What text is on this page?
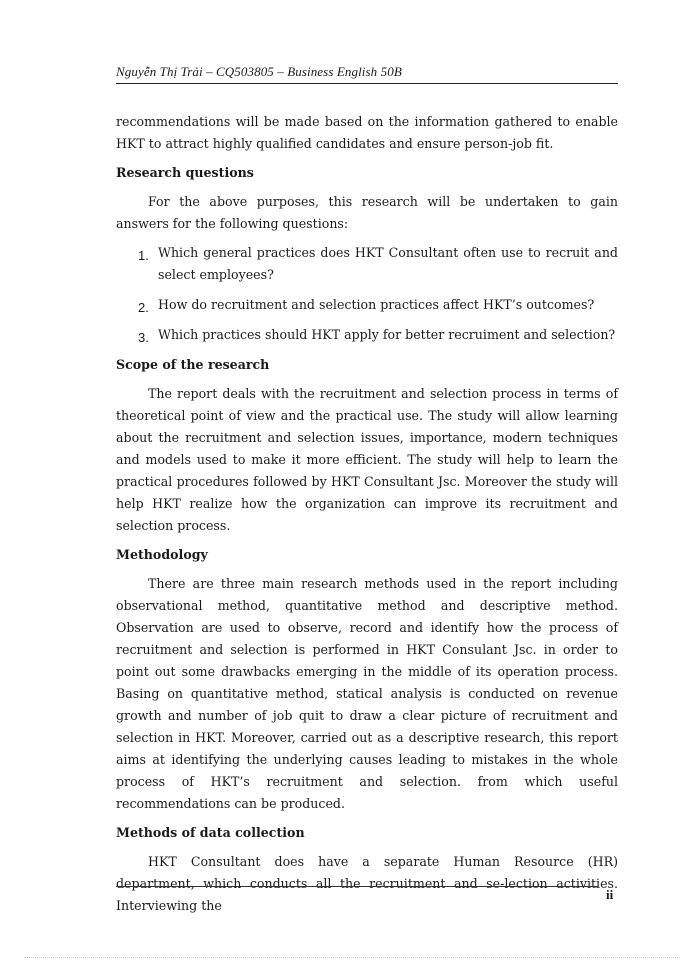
Nguyễn Thị Trải – CQ503805 – Business English 50B

recommendations will be made based on the information gathered to enable HKT to attract highly qualified candidates and ensure person-job fit.

Research questions

For the above purposes, this research will be undertaken to gain answers for the following questions:

1. Which general practices does HKT Consultant often use to recruit and select employees?
2. How do recruitment and selection practices affect HKT’s outcomes?
3. Which practices should HKT apply for better recruiment and selection?
Scope of the research

The report deals with the recruitment and selection process in terms of theoretical point of view and the practical use. The study will allow learning about the recruitment and selection issues, importance, modern techniques and models used to make it more efficient. The study will help to learn the practical procedures followed by HKT Consultant Jsc. Moreover the study will help HKT realize how the organization can improve its recruitment and selection process.

Methodology

There are three main research methods used in the report including observational method, quantitative method and descriptive method. Observation are used to observe, record and identify how the process of recruitment and selection is performed in HKT Consulant Jsc. in order to point out some drawbacks emerging in the middle of its operation process. Basing on quantitative method, statical analysis is conducted on revenue growth and number of job quit to draw a clear picture of recruitment and selection in HKT. Moreover, carried out as a descriptive research, this report aims at identifying the underlying causes leading to mistakes in the whole process of HKT’s recruitment and selection. from which useful recommendations can be produced.

Methods of data collection

HKT Consultant does have a separate Human Resource (HR) department, which conducts all the recruitment and se-lection activities. Interviewing the

ii
